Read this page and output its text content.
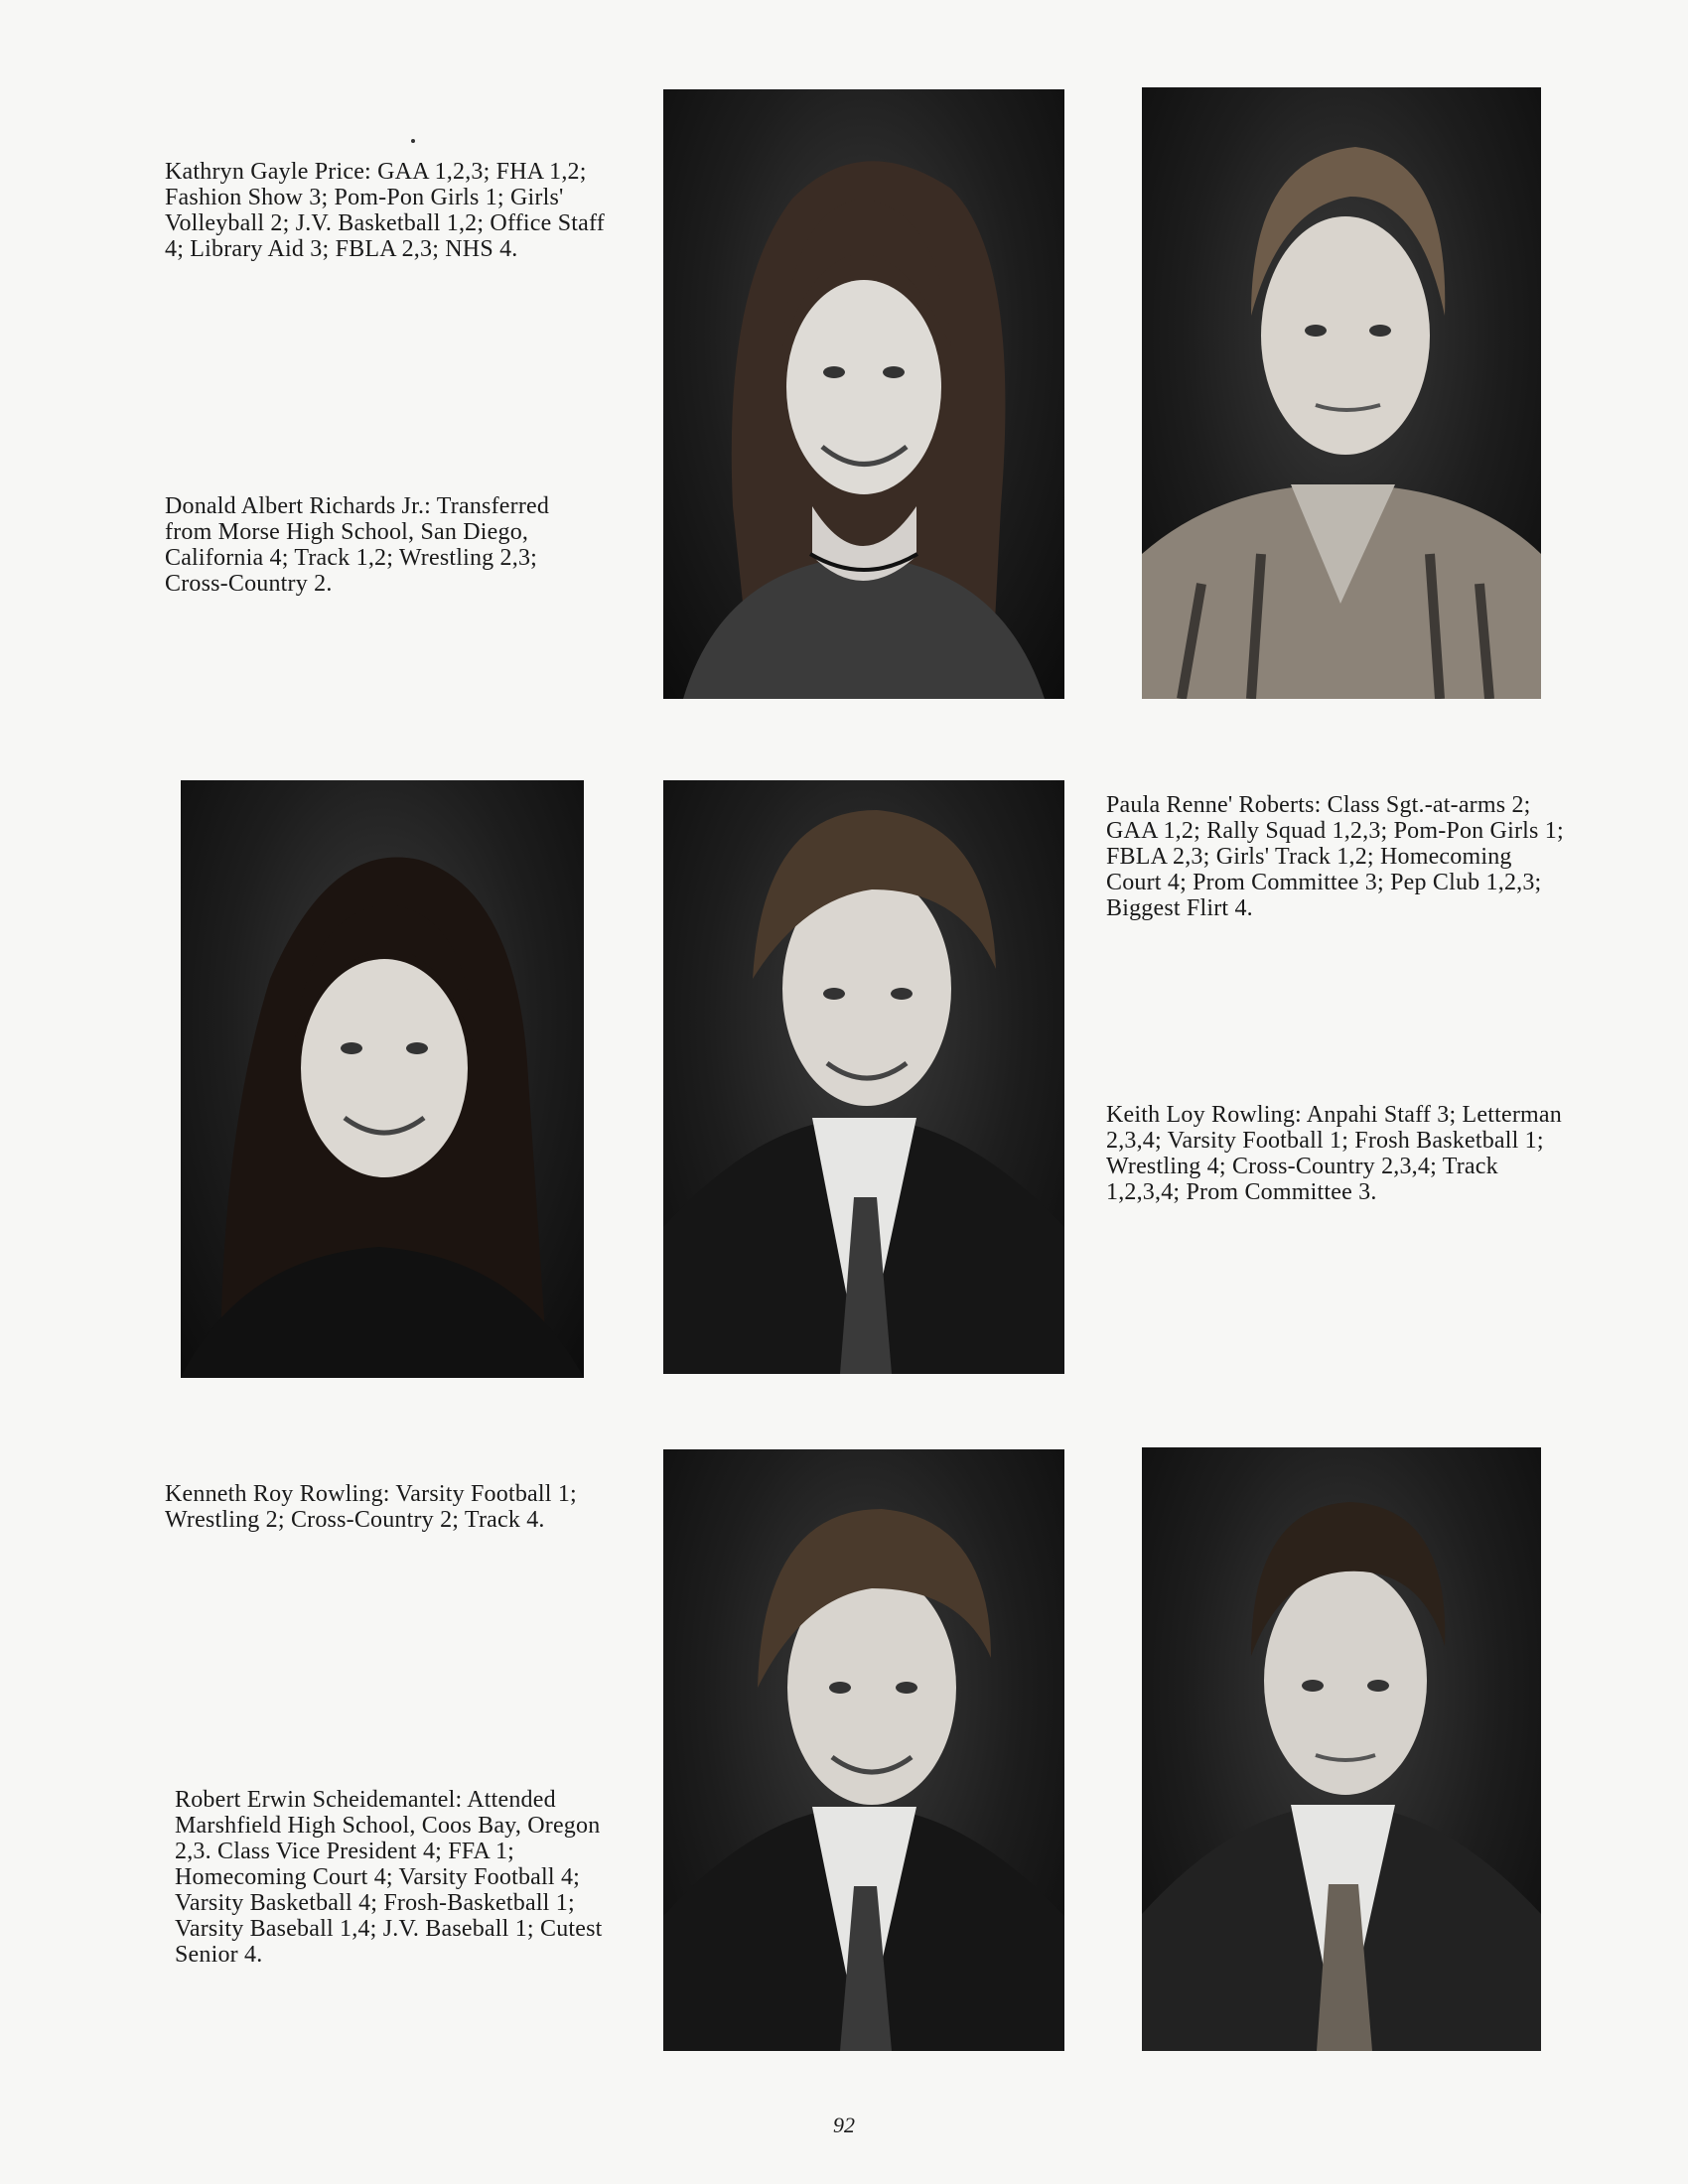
Kathryn Gayle Price: GAA 1,2,3; FHA 1,2; Fashion Show 3; Pom-Pon Girls 1; Girls' Volleyball 2; J.V. Basketball 1,2; Office Staff 4; Library Aid 3; FBLA 2,3; NHS 4.
Donald Albert Richards Jr.: Transferred from Morse High School, San Diego, California 4; Track 1,2; Wrestling 2,3; Cross-Country 2.
Paula Renne' Roberts: Class Sgt.-at-arms 2; GAA 1,2; Rally Squad 1,2,3; Pom-Pon Girls 1; FBLA 2,3; Girls' Track 1,2; Homecoming Court 4; Prom Committee 3; Pep Club 1,2,3; Biggest Flirt 4.
Keith Loy Rowling: Anpahi Staff 3; Letterman 2,3,4; Varsity Football 1; Frosh Basketball 1; Wrestling 4; Cross-Country 2,3,4; Track 1,2,3,4; Prom Committee 3.
Kenneth Roy Rowling: Varsity Football 1; Wrestling 2; Cross-Country 2; Track 4.
Robert Erwin Scheidemantel: Attended Marshfield High School, Coos Bay, Oregon 2,3. Class Vice President 4; FFA 1; Homecoming Court 4; Varsity Football 4; Varsity Basketball 4; Frosh-Basketball 1; Varsity Baseball 1,4; J.V. Baseball 1; Cutest Senior 4.
92
